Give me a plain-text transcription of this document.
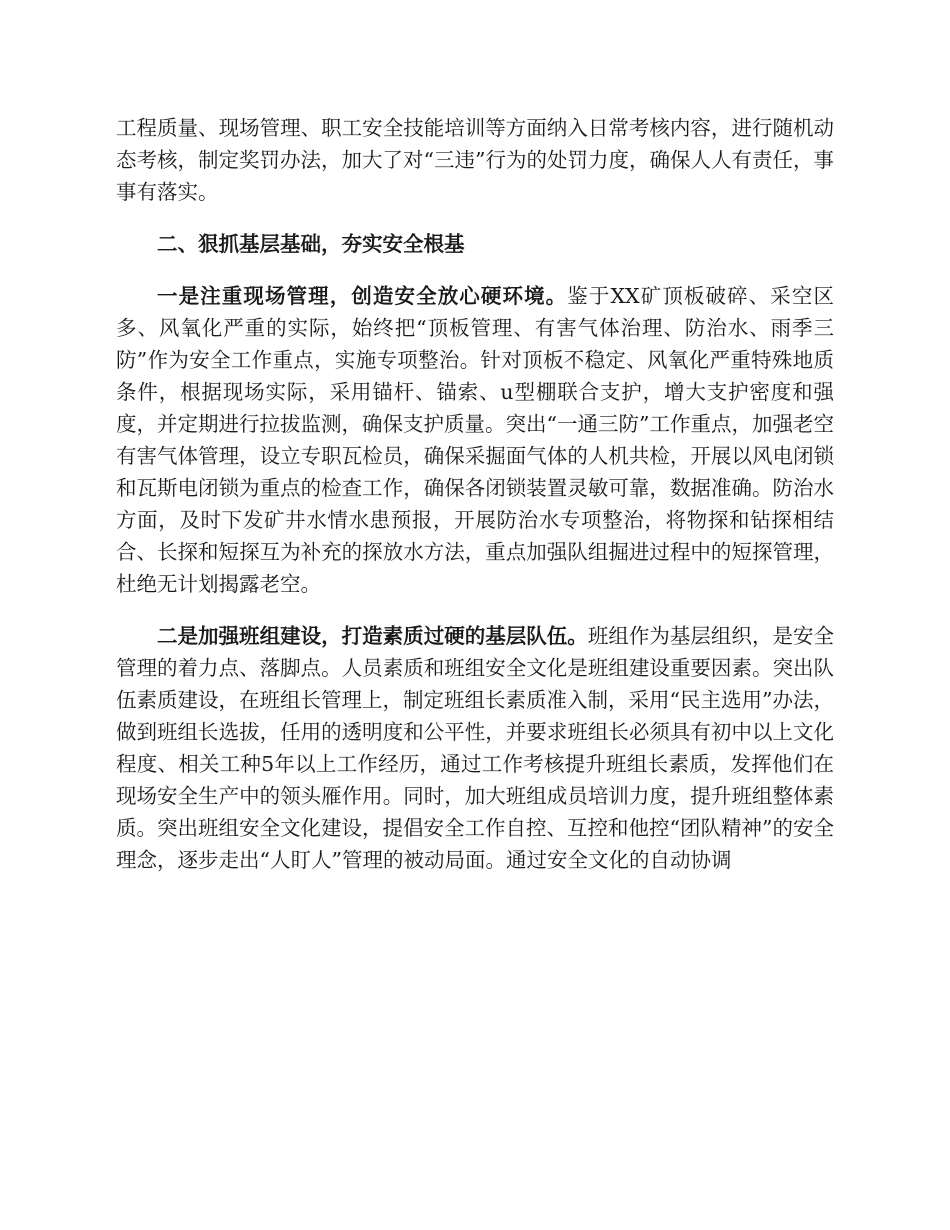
工程质量、现场管理、职工安全技能培训等方面纳入日常考核内容，进行随机动态考核，制定奖罚办法，加大了对“三违”行为的处罚力度，确保人人有责任，事事有落实。

二、狠抓基层基础，夯实安全根基

一是注重现场管理，创造安全放心硬环境。鉴于XX矿顶板破碎、采空区多、风氧化严重的实际，始终把“顶板管理、有害气体治理、防治水、雨季三防”作为安全工作重点，实施专项整治。针对顶板不稳定、风氧化严重特殊地质条件，根据现场实际，采用锚杆、锚索、u型棚联合支护，增大支护密度和强度，并定期进行拉拔监测，确保支护质量。突出“一通三防”工作重点，加强老空有害气体管理，设立专职瓦检员，确保采掘面气体的人机共检，开展以风电闭锁和瓦斯电闭锁为重点的检查工作，确保各闭锁装置灵敏可靠，数据准确。防治水方面，及时下发矿井水情水患预报，开展防治水专项整治，将物探和钻探相结合、长探和短探互为补充的探放水方法，重点加强队组掘进过程中的短探管理，杜绝无计划揭露老空。

二是加强班组建设，打造素质过硬的基层队伍。班组作为基层组织，是安全管理的着力点、落脚点。人员素质和班组安全文化是班组建设重要因素。突出队伍素质建设，在班组长管理上，制定班组长素质准入制，采用“民主选用”办法，做到班组长选拔，任用的透明度和公平性，并要求班组长必须具有初中以上文化程度、相关工种5年以上工作经历，通过工作考核提升班组长素质，发挥他们在现场安全生产中的领头雁作用。同时，加大班组成员培训力度，提升班组整体素质。突出班组安全文化建设，提倡安全工作自控、互控和他控“团队精神”的安全理念，逐步走出“人盯人”管理的被动局面。通过安全文化的自动协调
